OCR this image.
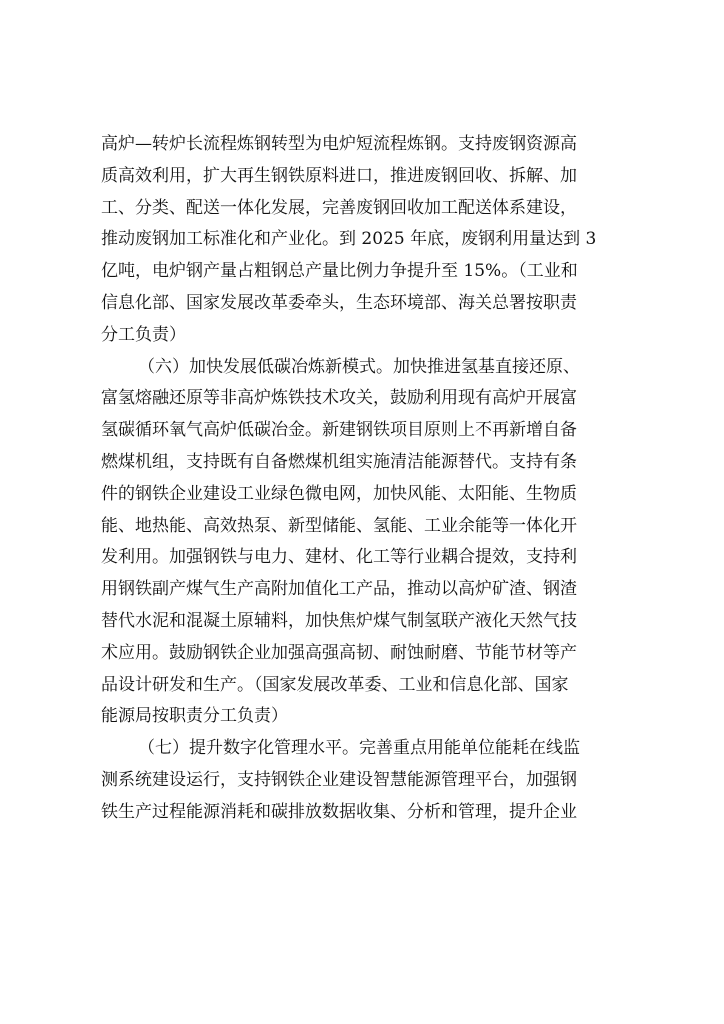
高炉—转炉长流程炼钢转型为电炉短流程炼钢。支持废钢资源高
质高效利用，扩大再生钢铁原料进口，推进废钢回收、拆解、加
工、分类、配送一体化发展，完善废钢回收加工配送体系建设，
推动废钢加工标准化和产业化。到 2025 年底，废钢利用量达到 3
亿吨，电炉钢产量占粗钢总产量比例力争提升至 15%。（工业和
信息化部、国家发展改革委牵头，生态环境部、海关总署按职责
分工负责）
（六）加快发展低碳冶炼新模式。加快推进氢基直接还原、
富氢熔融还原等非高炉炼铁技术攻关，鼓励利用现有高炉开展富
氢碳循环氧气高炉低碳冶金。新建钢铁项目原则上不再新增自备
燃煤机组，支持既有自备燃煤机组实施清洁能源替代。支持有条
件的钢铁企业建设工业绿色微电网，加快风能、太阳能、生物质
能、地热能、高效热泵、新型储能、氢能、工业余能等一体化开
发利用。加强钢铁与电力、建材、化工等行业耦合提效，支持利
用钢铁副产煤气生产高附加值化工产品，推动以高炉矿渣、钢渣
替代水泥和混凝土原辅料，加快焦炉煤气制氢联产液化天然气技
术应用。鼓励钢铁企业加强高强高韧、耐蚀耐磨、节能节材等产
品设计研发和生产。（国家发展改革委、工业和信息化部、国家
能源局按职责分工负责）
（七）提升数字化管理水平。完善重点用能单位能耗在线监
测系统建设运行，支持钢铁企业建设智慧能源管理平台，加强钢
铁生产过程能源消耗和碳排放数据收集、分析和管理，提升企业
